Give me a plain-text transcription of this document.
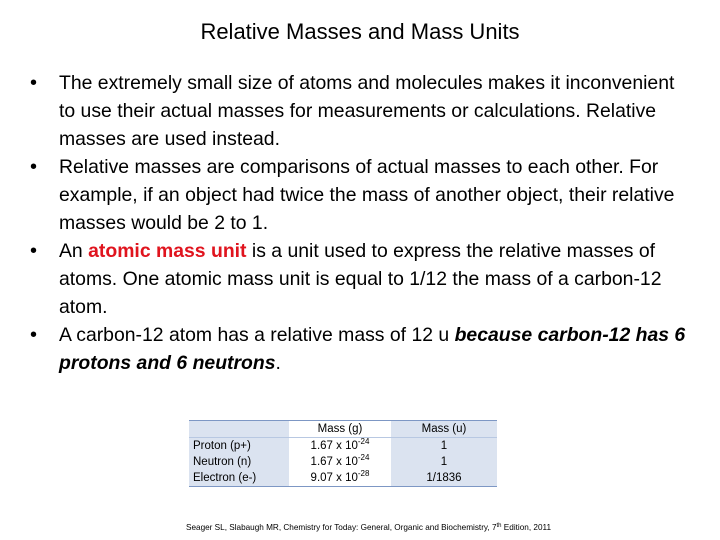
Relative Masses and Mass Units
•	The extremely small size of atoms and molecules makes it inconvenient to use their actual masses for measurements or calculations. Relative masses are used instead.
•	Relative masses are comparisons of actual masses to each other. For example, if an object had twice the mass of another object, their relative masses would be 2 to 1.
•	An atomic mass unit is a unit used to express the relative masses of atoms. One atomic mass unit is equal to 1/12 the mass of a carbon-12 atom.
•	A carbon-12 atom has a relative mass of 12 u because carbon-12 has 6 protons and 6 neutrons.
	Mass (g)	Mass (u)
Proton (p+)	1.67 x $10^{-24}$	1
Neutron (n)	1.67 x $10^{-24}$	1
Electron (e-)	9.07 x $10^{-28}$	1/1836
Seager SL, Slabaugh MR, Chemistry for Today: General, Organic and Biochemistry, 7th Edition, 2011
